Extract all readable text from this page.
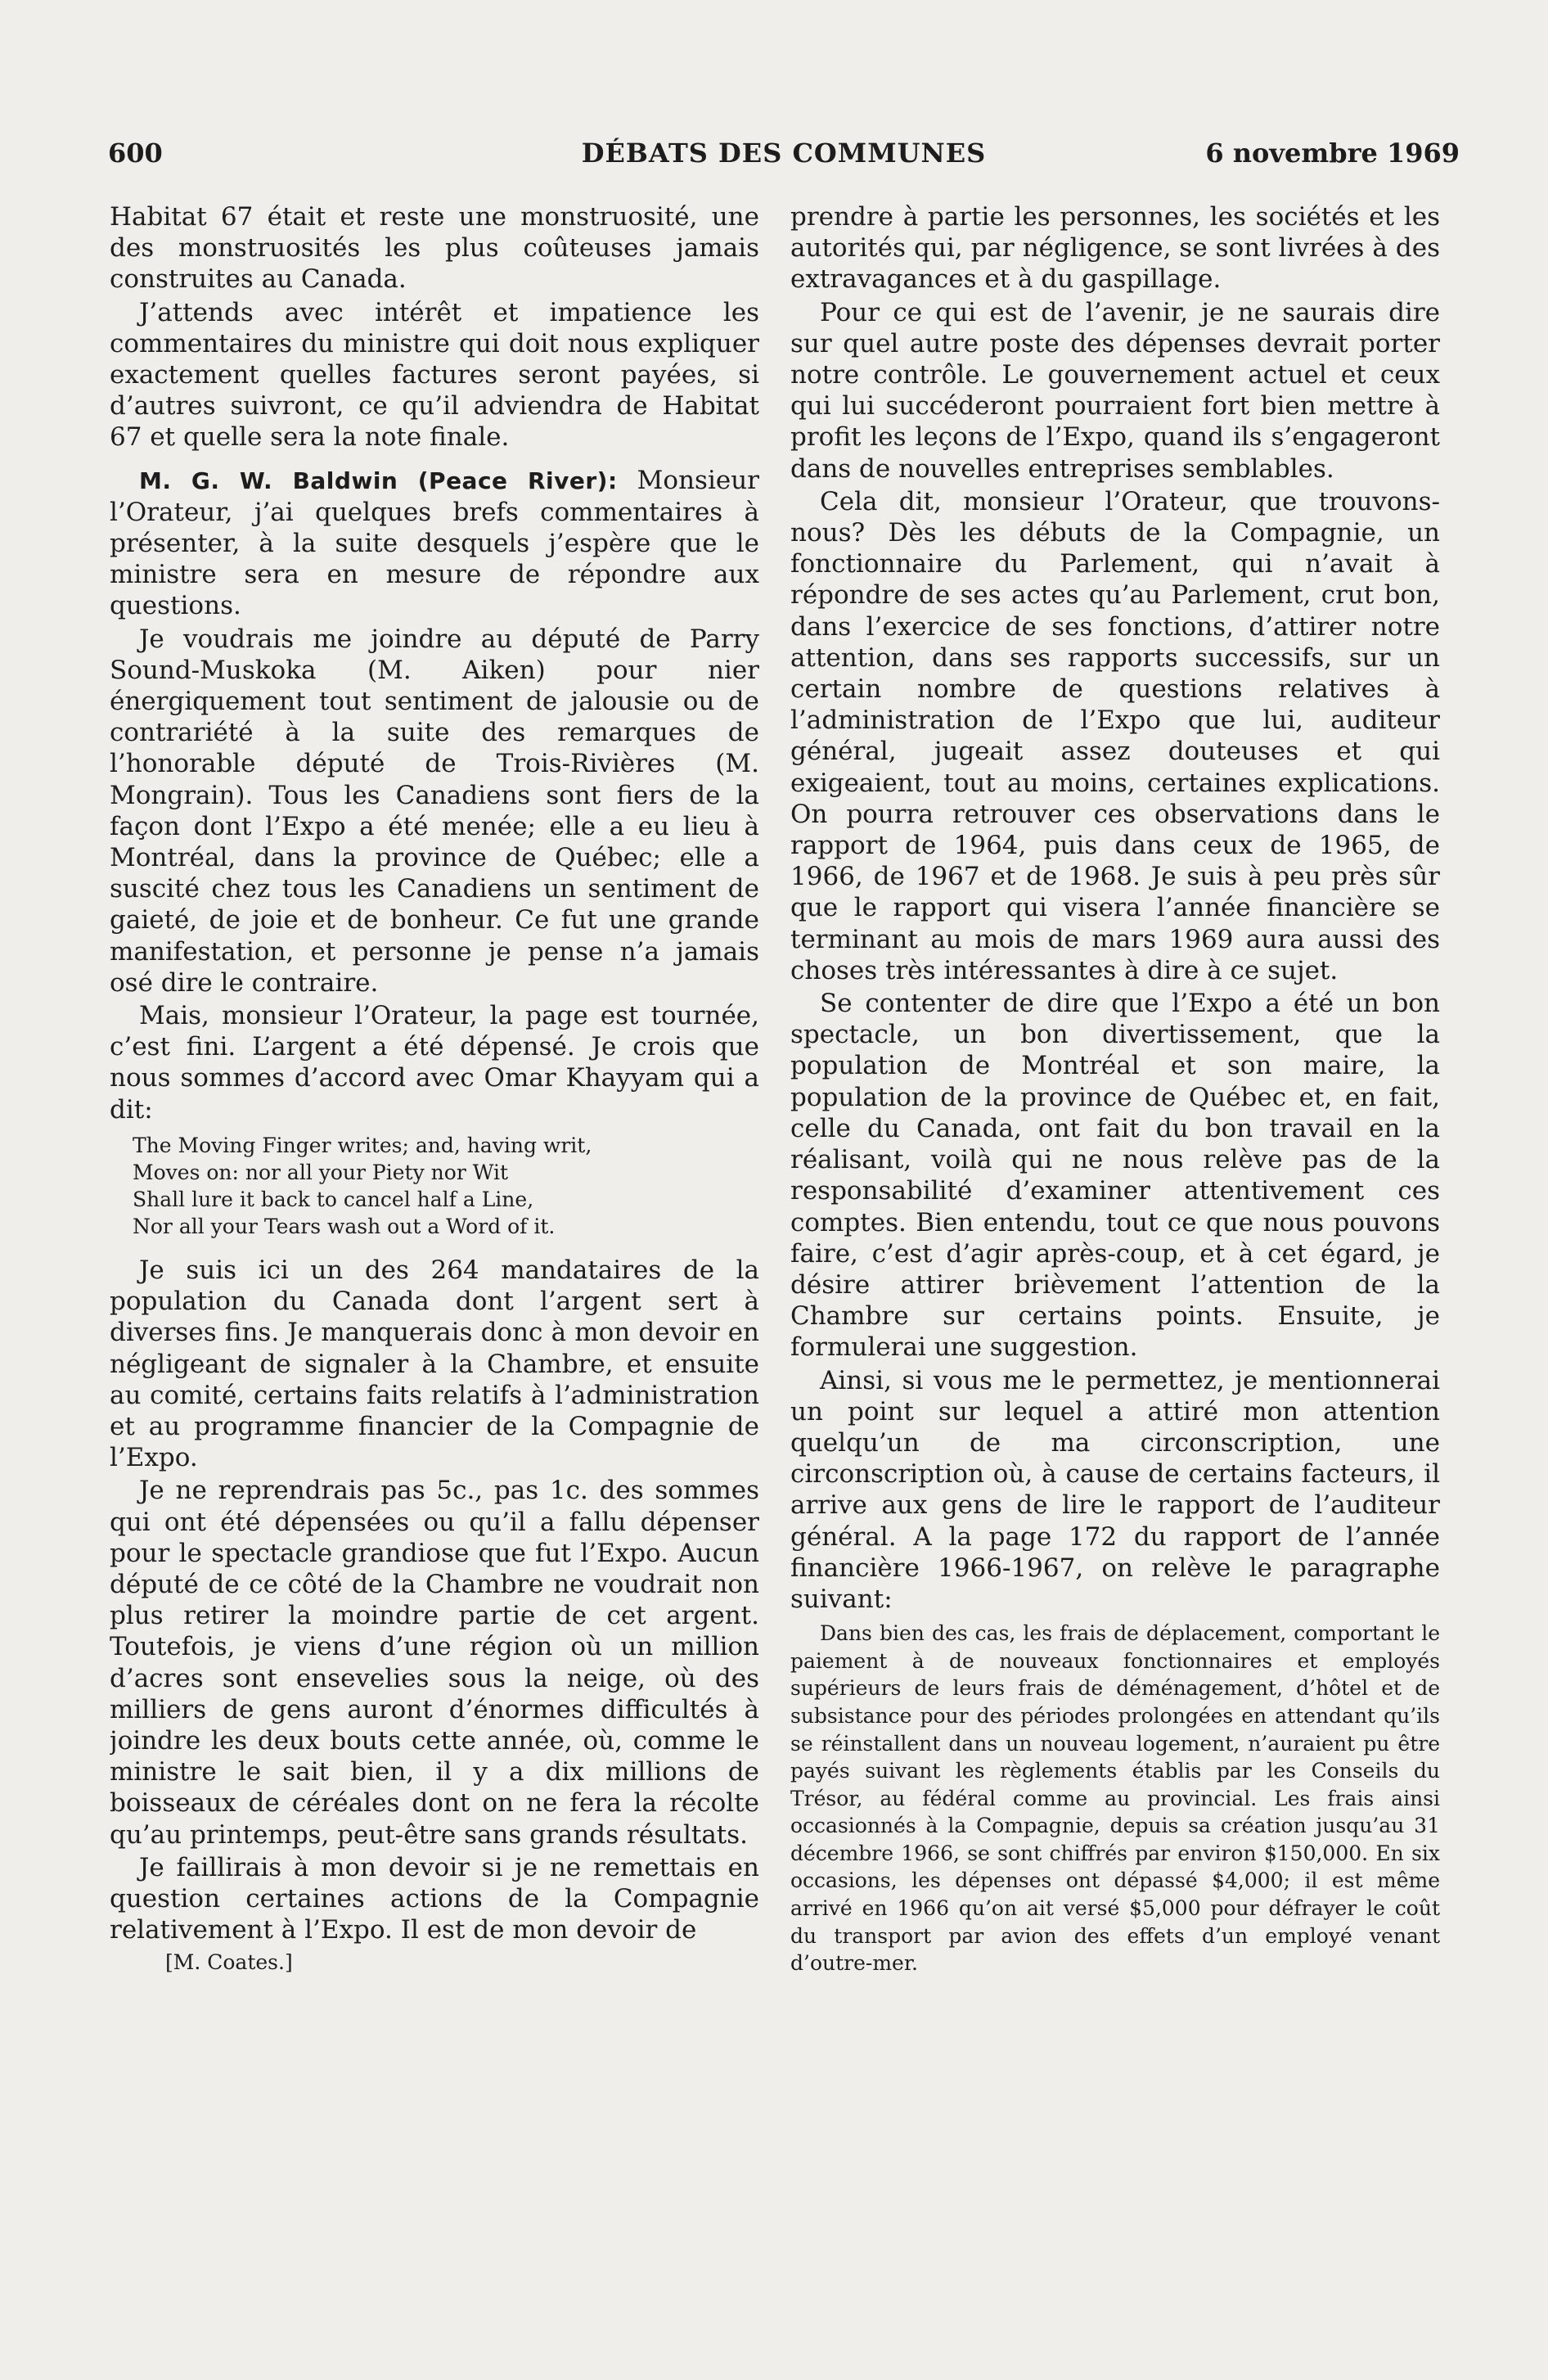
600	DÉBATS DES COMMUNES	6 novembre 1969

Habitat 67 était et reste une monstruosité, une des monstruosités les plus coûteuses jamais construites au Canada.

J’attends avec intérêt et impatience les commentaires du ministre qui doit nous expliquer exactement quelles factures seront payées, si d’autres suivront, ce qu’il adviendra de Habitat 67 et quelle sera la note finale.

M. G. W. Baldwin (Peace River): Monsieur l’Orateur, j’ai quelques brefs commentaires à présenter, à la suite desquels j’espère que le ministre sera en mesure de répondre aux questions.

Je voudrais me joindre au député de Parry Sound-Muskoka (M. Aiken) pour nier énergiquement tout sentiment de jalousie ou de contrariété à la suite des remarques de l’honorable député de Trois-Rivières (M. Mongrain). Tous les Canadiens sont fiers de la façon dont l’Expo a été menée; elle a eu lieu à Montréal, dans la province de Québec; elle a suscité chez tous les Canadiens un sentiment de gaieté, de joie et de bonheur. Ce fut une grande manifestation, et personne je pense n’a jamais osé dire le contraire.

Mais, monsieur l’Orateur, la page est tournée, c’est fini. L’argent a été dépensé. Je crois que nous sommes d’accord avec Omar Khayyam qui a dit:

The Moving Finger writes; and, having writ,
Moves on: nor all your Piety nor Wit
Shall lure it back to cancel half a Line,
Nor all your Tears wash out a Word of it.

Je suis ici un des 264 mandataires de la population du Canada dont l’argent sert à diverses fins. Je manquerais donc à mon devoir en négligeant de signaler à la Chambre, et ensuite au comité, certains faits relatifs à l’administration et au programme financier de la Compagnie de l’Expo.

Je ne reprendrais pas 5c., pas 1c. des sommes qui ont été dépensées ou qu’il a fallu dépenser pour le spectacle grandiose que fut l’Expo. Aucun député de ce côté de la Chambre ne voudrait non plus retirer la moindre partie de cet argent. Toutefois, je viens d’une région où un million d’acres sont ensevelies sous la neige, où des milliers de gens auront d’énormes difficultés à joindre les deux bouts cette année, où, comme le ministre le sait bien, il y a dix millions de boisseaux de céréales dont on ne fera la récolte qu’au printemps, peut-être sans grands résultats.

Je faillirais à mon devoir si je ne remettais en question certaines actions de la Compagnie relativement à l’Expo. Il est de mon devoir de

[M. Coates.]

prendre à partie les personnes, les sociétés et les autorités qui, par négligence, se sont livrées à des extravagances et à du gaspillage.

Pour ce qui est de l’avenir, je ne saurais dire sur quel autre poste des dépenses devrait porter notre contrôle. Le gouvernement actuel et ceux qui lui succéderont pourraient fort bien mettre à profit les leçons de l’Expo, quand ils s’engageront dans de nouvelles entreprises semblables.

Cela dit, monsieur l’Orateur, que trouvons-nous? Dès les débuts de la Compagnie, un fonctionnaire du Parlement, qui n’avait à répondre de ses actes qu’au Parlement, crut bon, dans l’exercice de ses fonctions, d’attirer notre attention, dans ses rapports successifs, sur un certain nombre de questions relatives à l’administration de l’Expo que lui, auditeur général, jugeait assez douteuses et qui exigeaient, tout au moins, certaines explications. On pourra retrouver ces observations dans le rapport de 1964, puis dans ceux de 1965, de 1966, de 1967 et de 1968. Je suis à peu près sûr que le rapport qui visera l’année financière se terminant au mois de mars 1969 aura aussi des choses très intéressantes à dire à ce sujet.

Se contenter de dire que l’Expo a été un bon spectacle, un bon divertissement, que la population de Montréal et son maire, la population de la province de Québec et, en fait, celle du Canada, ont fait du bon travail en la réalisant, voilà qui ne nous relève pas de la responsabilité d’examiner attentivement ces comptes. Bien entendu, tout ce que nous pouvons faire, c’est d’agir après-coup, et à cet égard, je désire attirer brièvement l’attention de la Chambre sur certains points. Ensuite, je formulerai une suggestion.

Ainsi, si vous me le permettez, je mentionnerai un point sur lequel a attiré mon attention quelqu’un de ma circonscription, une circonscription où, à cause de certains facteurs, il arrive aux gens de lire le rapport de l’auditeur général. A la page 172 du rapport de l’année financière 1966-1967, on relève le paragraphe suivant:

Dans bien des cas, les frais de déplacement, comportant le paiement à de nouveaux fonctionnaires et employés supérieurs de leurs frais de déménagement, d’hôtel et de subsistance pour des périodes prolongées en attendant qu’ils se réinstallent dans un nouveau logement, n’auraient pu être payés suivant les règlements établis par les Conseils du Trésor, au fédéral comme au provincial. Les frais ainsi occasionnés à la Compagnie, depuis sa création jusqu’au 31 décembre 1966, se sont chiffrés par environ $150,000. En six occasions, les dépenses ont dépassé $4,000; il est même arrivé en 1966 qu’on ait versé $5,000 pour défrayer le coût du transport par avion des effets d’un employé venant d’outre-mer.
